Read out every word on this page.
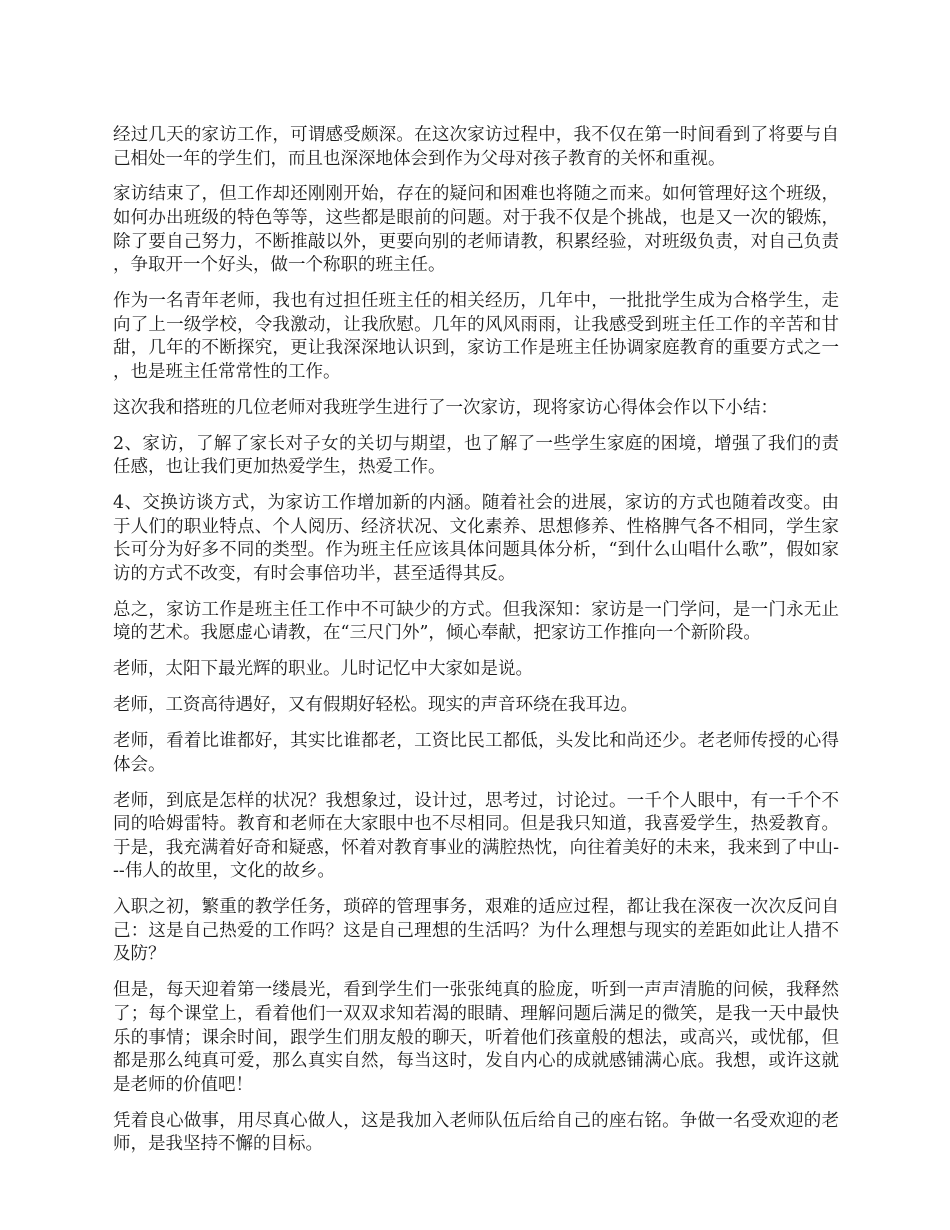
经过几天的家访工作，可谓感受颇深。在这次家访过程中，我不仅在第一时间看到了将要与自己相处一年的学生们，而且也深深地体会到作为父母对孩子教育的关怀和重视。

家访结束了，但工作却还刚刚开始，存在的疑问和困难也将随之而来。如何管理好这个班级，如何办出班级的特色等等，这些都是眼前的问题。对于我不仅是个挑战，也是又一次的锻炼，除了要自己努力，不断推敲以外，更要向别的老师请教，积累经验，对班级负责，对自己负责，争取开一个好头，做一个称职的班主任。

作为一名青年老师，我也有过担任班主任的相关经历，几年中，一批批学生成为合格学生，走向了上一级学校，令我激动，让我欣慰。几年的风风雨雨，让我感受到班主任工作的辛苦和甘甜，几年的不断探究，更让我深深地认识到，家访工作是班主任协调家庭教育的重要方式之一，也是班主任常常性的工作。

这次我和搭班的几位老师对我班学生进行了一次家访，现将家访心得体会作以下小结：

2、家访，了解了家长对子女的关切与期望，也了解了一些学生家庭的困境，增强了我们的责任感，也让我们更加热爱学生，热爱工作。

4、交换访谈方式，为家访工作增加新的内涵。随着社会的进展，家访的方式也随着改变。由于人们的职业特点、个人阅历、经济状况、文化素养、思想修养、性格脾气各不相同，学生家长可分为好多不同的类型。作为班主任应该具体问题具体分析，“到什么山唱什么歌”，假如家访的方式不改变，有时会事倍功半，甚至适得其反。

总之，家访工作是班主任工作中不可缺少的方式。但我深知：家访是一门学问，是一门永无止境的艺术。我愿虚心请教，在“三尺门外”，倾心奉献，把家访工作推向一个新阶段。

老师，太阳下最光辉的职业。儿时记忆中大家如是说。

老师，工资高待遇好，又有假期好轻松。现实的声音环绕在我耳边。

老师，看着比谁都好，其实比谁都老，工资比民工都低，头发比和尚还少。老老师传授的心得体会。

老师，到底是怎样的状况？我想象过，设计过，思考过，讨论过。一千个人眼中，有一千个不同的哈姆雷特。教育和老师在大家眼中也不尽相同。但是我只知道，我喜爱学生，热爱教育。于是，我充满着好奇和疑惑，怀着对教育事业的满腔热忱，向往着美好的未来，我来到了中山---伟人的故里，文化的故乡。

入职之初，繁重的教学任务，琐碎的管理事务，艰难的适应过程，都让我在深夜一次次反问自己：这是自己热爱的工作吗？这是自己理想的生活吗？为什么理想与现实的差距如此让人措不及防？

但是，每天迎着第一缕晨光，看到学生们一张张纯真的脸庞，听到一声声清脆的问候，我释然了；每个课堂上，看着他们一双双求知若渴的眼睛、理解问题后满足的微笑，是我一天中最快乐的事情；课余时间，跟学生们朋友般的聊天，听着他们孩童般的想法，或高兴，或忧郁，但都是那么纯真可爱，那么真实自然，每当这时，发自内心的成就感铺满心底。我想，或许这就是老师的价值吧！

凭着良心做事，用尽真心做人，这是我加入老师队伍后给自己的座右铭。争做一名受欢迎的老师，是我坚持不懈的目标。
